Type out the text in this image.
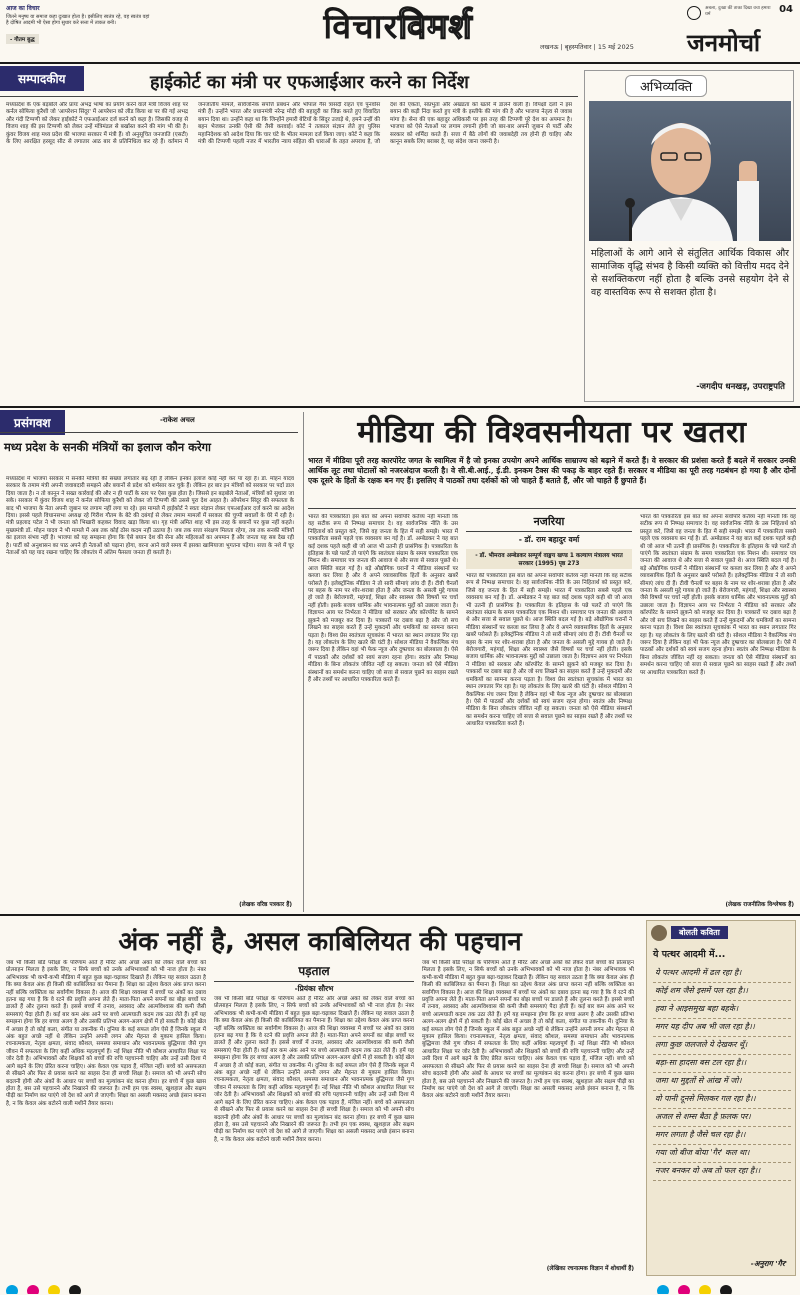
आज का विचार
जितने मनुष्य या समाज कहा दुःखात होता है। इसीलिए स्वतंत्र रहे, वह स्वतंत्र वहां है दोषित आदमी भी ऐसा होगा सुधार करे सत्ता में ताकत बनी।
- गौतम बुद्ध	विचारविमर्श	लखनऊ | बृहस्पतिवार | 15 मई 2025
अबला, दुःखा की ताका दिखा वचा हमारा धर्म	04
जनमोर्चा
सम्पादकीय	हाईकोर्ट का मंत्री पर एफआईआर करने का निर्देश
मध्यप्रदेश के एक बड़बोले और प्रायः अभद्र भाषा का प्रयोग करने वाले मंत्री विजय शाह पर कर्नल सोफिया कुरैशी जो 'आपरेशन सिंदूर' में आपरेशन को लीड किया था पर की गई अभद्र और गंदी टिप्पणी को लेकर हाईकोर्ट ने एफआईआर दर्ज करने को कहा है। जिसकी वजह से विजय शाह की इस टिप्पणी को लेकर उन्हें मंत्रिमंडल से बर्खास्त करने की मांग भी की है। कुंवर विजय शाह मध्य प्रदेश की भाजपा सरकार में मंत्री हैं। वो अनुसूचित जनजाति (एसटी) के लिए आरक्षित हरसूद सीट से लगातार आठ बार से प्रतिनिधित्व कर रहे हैं। वर्तमान में जनजातीय मामले, सार्वजनिक संपत्ति प्रबंधन और भोपाल गैस त्रासदी राहत एवं पुनर्वास मंत्री हैं। उन्होंने भारत और प्रधानमंत्री नरेन्द्र मोदी की बहादुरी का जिक्र करते हुए विवादित बयान दिया था। उन्होंने कहा था कि जिन्होंने हमारी बेटियों के सिंदूर उजाड़े थे, हमने उन्हीं की बहन भेजकर उनकी ऐसी की तैसी करवाई। कोर्ट ने तत्काल संज्ञान लेते हुए पुलिस महानिदेशक को आदेश दिया कि चार घंटे के भीतर मामला दर्ज किया जाए। कोर्ट ने कहा कि मंत्री की टिप्पणी पहली नजर में भारतीय न्याय संहिता की धाराओं के तहत अपराध है, जो देश की एकता, संप्रभुता और अखंडता को खतरे में डालने वाली है। विपक्षी दलों ने इस बयान की कड़ी निंदा करते हुए मंत्री के इस्तीफे की मांग की है और भाजपा नेतृत्व से जवाब मांगा है। सेना की एक बहादुर अधिकारी पर इस तरह की टिप्पणी पूरे देश का अपमान है। भाजपा को ऐसे नेताओं पर लगाम लगानी होगी जो बार-बार अपनी जुबान से पार्टी और सरकार को शर्मिंदा करते हैं। सत्ता में बैठे लोगों की जवाबदेही तय होनी ही चाहिए और कानून सबके लिए बराबर है, यह संदेश जाना जरूरी है।
अभिव्यक्ति
महिलाओं के आगे आने से संतुलित आर्थिक विकास और सामाजिक वृद्धि संभव है किसी व्यक्ति को वित्तीय मदद देने से सशक्तिकरण नहीं होता है बल्कि उनसे सहयोग देने से वह वास्तविक रूप से सशक्त होता है।
-जगदीप धनखड़, उपराष्ट्रपति
प्रसंगवश	-राकेश अचल
मध्य प्रदेश के सनकी मंत्रियों का इलाज कौन करेगा
मध्यप्रदेश में भाजपा सरकार में सनकी मंत्रियों की संख्या लगातार बढ़ रही है लेकिन इनका इलाज कोई नहीं कर पा रहा है। डॉ. मोहन यादव सरकार के तमाम मंत्री अपनी जवाबदारी समझने और बयानों से प्रदेश को शर्मसार कर चुके हैं। लेकिन हर बार इन मंत्रियों को सरकार पर पर्दा डाल दिया जाता है। न तो कानून ने सख्त कार्रवाई की और न ही पार्टी के स्तर पर ऐसा कुछ होता है। जिससे इन बड़बोले नेताओं, मंत्रियों को सुधारा जा सके। सरकार में कुंवर विजय शाह ने कर्नल सोफिया कुरैशी को लेकर जो टिप्पणी की उससे पूरा देश आहत है। ऑपरेशन सिंदूर की सफलता के बाद भी भाजपा के नेता अपनी जुबान पर लगाम नहीं लगा पा रहे। इस मामले में हाईकोर्ट ने स्वतः संज्ञान लेकर एफआईआर दर्ज करने का आदेश दिया। इससे पहले विधानसभा अध्यक्ष रहे गिरीश गौतम के बेटे की दबंगई से लेकर तमाम मामलों में सरकार की चुप्पी सवालों के घेरे में रही है। मंत्री प्रहलाद पटेल ने भी जनता को भिखारी कहकर विवाद खड़ा किया था। गृह मंत्री अमित शाह भी इस तरह के बयानों पर कुछ नहीं कहते। मुख्यमंत्री डॉ. मोहन यादव ने भी मामले में अब तक कोई ठोस कदम नहीं उठाया है। जब तक सत्ता संरक्षण मिलता रहेगा, तब तक सनकी मंत्रियों का इलाज संभव नहीं है। भाजपा को यह समझना होगा कि ऐसे बयान देश की सेना और महिलाओं का अपमान हैं और जनता यह सब देख रही है। पार्टी को अनुशासन का पाठ अपने ही नेताओं को पढ़ाना होगा, वरना आने वाले समय में इसका खामियाजा भुगतना पड़ेगा। सत्ता के नशे में चूर नेताओं को यह याद रखना चाहिए कि लोकतंत्र में अंतिम फैसला जनता ही करती है।
(लेखक वरिष्ठ पत्रकार हैं)
मीडिया की विश्वसनीयता पर खतरा
भारत में मीडिया पूरी तरह कारपोरेट जगत के स्वामित्व में है जो इनका उपयोग अपने आर्थिक साम्राज्य को बढ़ाने में करते हैं। वे सरकार की प्रशंसा करते हैं बदले में सरकार उनकी आर्थिक लूट तथा घोटालों को नजरअंदाज करती है। वे सी.बी.आई., ई.डी. इनकम टैक्स की पकड़ के बाहर रहते हैं। सरकार व मीडिया का पूरी तरह गठबंधन हो गया है और दोनों एक दूसरे के हितों के रक्षक बन गए हैं। इसलिए वे पाठकों तथा दर्शकों को जो चाहते हैं बताते हैं, और जो चाहते हैं छुपाते हैं।
भारत की पत्रकारिता इस बात को अपना सर्वोपरि कर्तव्य नहीं मानती कि वह सटीक रूप से निष्पक्ष समाचार दे। वह सार्वजनिक नीति के उस निहितार्थ को प्रस्तुत करे, जिसे वह जनता के हित में सही समझे। भारत में पत्रकारिता सबसे पहले एक व्यवसाय बन गई है। डॉ. अम्बेडकर ने यह बात कई दशक पहले कही थी जो आज भी उतनी ही प्रासंगिक है। पत्रकारिता के इतिहास के पन्ने पलटें तो पाएंगे कि स्वतंत्रता संग्राम के समय पत्रकारिता एक मिशन थी। समाचार पत्र जनता की आवाज थे और सत्ता से सवाल पूछते थे। आज स्थिति बदल गई है। बड़े औद्योगिक घरानों ने मीडिया संस्थानों पर कब्जा कर लिया है और वे अपने व्यावसायिक हितों के अनुसार खबरें परोसते हैं। इलेक्ट्रॉनिक मीडिया ने तो सारी सीमाएं लांघ दी हैं। टीवी चैनलों पर बहस के नाम पर शोर-शराबा होता है और जनता के असली मुद्दे गायब हो जाते हैं। बेरोजगारी, महंगाई, शिक्षा और स्वास्थ्य जैसे विषयों पर चर्चा नहीं होती। इसके बजाय धार्मिक और भावनात्मक मुद्दों को उछाला जाता है। विज्ञापन आय पर निर्भरता ने मीडिया को सरकार और कॉरपोरेट के सामने झुकने को मजबूर कर दिया है। पत्रकारों पर दबाव बढ़ा है और जो सच लिखने का साहस करते हैं उन्हें मुकदमों और धमकियों का सामना करना पड़ता है। विश्व प्रेस स्वतंत्रता सूचकांक में भारत का स्थान लगातार गिर रहा है। यह लोकतंत्र के लिए खतरे की घंटी है। सोशल मीडिया ने वैकल्पिक मंच जरूर दिया है लेकिन वहां भी फेक न्यूज और दुष्प्रचार का बोलबाला है। ऐसे में पाठकों और दर्शकों को स्वयं सजग रहना होगा। स्वतंत्र और निष्पक्ष मीडिया के बिना लोकतंत्र जीवित नहीं रह सकता। जनता को ऐसे मीडिया संस्थानों का समर्थन करना चाहिए जो सत्ता से सवाल पूछने का साहस रखते हैं और तथ्यों पर आधारित पत्रकारिता करते हैं।
नजरिया
- डॉ. राम बहादुर वर्मा
- डॉ. भीमराव अम्बेडकर सम्पूर्ण वाङ्मय खण्ड 1 कल्याण मंत्रालय भारत सरकार (1995) पृष्ठ 273
भारत की पत्रकारिता इस बात को अपना सर्वोपरि कर्तव्य नहीं मानती कि वह सटीक रूप से निष्पक्ष समाचार दे। वह सार्वजनिक नीति के उस निहितार्थ को प्रस्तुत करे, जिसे वह जनता के हित में सही समझे। भारत में पत्रकारिता सबसे पहले एक व्यवसाय बन गई है। डॉ. अम्बेडकर ने यह बात कई दशक पहले कही थी जो आज भी उतनी ही प्रासंगिक है। पत्रकारिता के इतिहास के पन्ने पलटें तो पाएंगे कि स्वतंत्रता संग्राम के समय पत्रकारिता एक मिशन थी। समाचार पत्र जनता की आवाज थे और सत्ता से सवाल पूछते थे। आज स्थिति बदल गई है। बड़े औद्योगिक घरानों ने मीडिया संस्थानों पर कब्जा कर लिया है और वे अपने व्यावसायिक हितों के अनुसार खबरें परोसते हैं। इलेक्ट्रॉनिक मीडिया ने तो सारी सीमाएं लांघ दी हैं। टीवी चैनलों पर बहस के नाम पर शोर-शराबा होता है और जनता के असली मुद्दे गायब हो जाते हैं। बेरोजगारी, महंगाई, शिक्षा और स्वास्थ्य जैसे विषयों पर चर्चा नहीं होती। इसके बजाय धार्मिक और भावनात्मक मुद्दों को उछाला जाता है। विज्ञापन आय पर निर्भरता ने मीडिया को सरकार और कॉरपोरेट के सामने झुकने को मजबूर कर दिया है। पत्रकारों पर दबाव बढ़ा है और जो सच लिखने का साहस करते हैं उन्हें मुकदमों और धमकियों का सामना करना पड़ता है। विश्व प्रेस स्वतंत्रता सूचकांक में भारत का स्थान लगातार गिर रहा है। यह लोकतंत्र के लिए खतरे की घंटी है। सोशल मीडिया ने वैकल्पिक मंच जरूर दिया है लेकिन वहां भी फेक न्यूज और दुष्प्रचार का बोलबाला है। ऐसे में पाठकों और दर्शकों को स्वयं सजग रहना होगा। स्वतंत्र और निष्पक्ष मीडिया के बिना लोकतंत्र जीवित नहीं रह सकता। जनता को ऐसे मीडिया संस्थानों का समर्थन करना चाहिए जो सत्ता से सवाल पूछने का साहस रखते हैं और तथ्यों पर आधारित पत्रकारिता करते हैं।
भारत की पत्रकारिता इस बात को अपना सर्वोपरि कर्तव्य नहीं मानती कि वह सटीक रूप से निष्पक्ष समाचार दे। वह सार्वजनिक नीति के उस निहितार्थ को प्रस्तुत करे, जिसे वह जनता के हित में सही समझे। भारत में पत्रकारिता सबसे पहले एक व्यवसाय बन गई है। डॉ. अम्बेडकर ने यह बात कई दशक पहले कही थी जो आज भी उतनी ही प्रासंगिक है। पत्रकारिता के इतिहास के पन्ने पलटें तो पाएंगे कि स्वतंत्रता संग्राम के समय पत्रकारिता एक मिशन थी। समाचार पत्र जनता की आवाज थे और सत्ता से सवाल पूछते थे। आज स्थिति बदल गई है। बड़े औद्योगिक घरानों ने मीडिया संस्थानों पर कब्जा कर लिया है और वे अपने व्यावसायिक हितों के अनुसार खबरें परोसते हैं। इलेक्ट्रॉनिक मीडिया ने तो सारी सीमाएं लांघ दी हैं। टीवी चैनलों पर बहस के नाम पर शोर-शराबा होता है और जनता के असली मुद्दे गायब हो जाते हैं। बेरोजगारी, महंगाई, शिक्षा और स्वास्थ्य जैसे विषयों पर चर्चा नहीं होती। इसके बजाय धार्मिक और भावनात्मक मुद्दों को उछाला जाता है। विज्ञापन आय पर निर्भरता ने मीडिया को सरकार और कॉरपोरेट के सामने झुकने को मजबूर कर दिया है। पत्रकारों पर दबाव बढ़ा है और जो सच लिखने का साहस करते हैं उन्हें मुकदमों और धमकियों का सामना करना पड़ता है। विश्व प्रेस स्वतंत्रता सूचकांक में भारत का स्थान लगातार गिर रहा है। यह लोकतंत्र के लिए खतरे की घंटी है। सोशल मीडिया ने वैकल्पिक मंच जरूर दिया है लेकिन वहां भी फेक न्यूज और दुष्प्रचार का बोलबाला है। ऐसे में पाठकों और दर्शकों को स्वयं सजग रहना होगा। स्वतंत्र और निष्पक्ष मीडिया के बिना लोकतंत्र जीवित नहीं रह सकता। जनता को ऐसे मीडिया संस्थानों का समर्थन करना चाहिए जो सत्ता से सवाल पूछने का साहस रखते हैं और तथ्यों पर आधारित पत्रकारिता करते हैं।
(लेखक राजनीतिक विश्लेषक हैं)
अंक नहीं है, असल काबिलियत की पहचान
जब भी किसी बोर्ड परीक्षा के परिणाम आते हैं मेरिट और अच्छे अंकों को लेकर वाले बच्चों को प्रोत्साहन मिलता है इसके लिए, न सिर्फ बच्चों को उनके अभिभावकों को भी नाज होता है। नंबर अभिभावक भी कभी-कभी मीडिया में बहुत कुछ बढ़ा-चढ़ाकर दिखाते हैं। लेकिन यह सवाल उठता है कि क्या केवल अंक ही किसी की काबिलियत का पैमाना हैं। शिक्षा का उद्देश्य केवल अंक प्राप्त करना नहीं बल्कि व्यक्तित्व का सर्वांगीण विकास है। आज की शिक्षा व्यवस्था में बच्चों पर अंकों का दबाव इतना बढ़ गया है कि वे रटने की प्रवृत्ति अपना लेते हैं। माता-पिता अपने सपनों का बोझ बच्चों पर डालते हैं और तुलना करते हैं। इससे बच्चों में तनाव, अवसाद और आत्मविश्वास की कमी जैसी समस्याएं पैदा होती हैं। कई बार कम अंक आने पर बच्चे आत्मघाती कदम तक उठा लेते हैं। हमें यह समझना होगा कि हर बच्चा अलग है और उसकी प्रतिभा अलग-अलग क्षेत्रों में हो सकती है। कोई खेल में अच्छा है तो कोई कला, संगीत या तकनीक में। दुनिया के कई सफल लोग ऐसे हैं जिनके स्कूल में अंक बहुत अच्छे नहीं थे लेकिन उन्होंने अपनी लगन और मेहनत से मुकाम हासिल किया। रचनात्मकता, नेतृत्व क्षमता, संवाद कौशल, समस्या समाधान और भावनात्मक बुद्धिमत्ता जैसे गुण जीवन में सफलता के लिए कहीं अधिक महत्वपूर्ण हैं। नई शिक्षा नीति भी कौशल आधारित शिक्षा पर जोर देती है। अभिभावकों और शिक्षकों को बच्चों की रुचि पहचाननी चाहिए और उन्हें उसी दिशा में आगे बढ़ने के लिए प्रेरित करना चाहिए। अंक केवल एक पड़ाव हैं, मंजिल नहीं। बच्चे को असफलता से सीखने और फिर से प्रयास करने का साहस देना ही सच्ची शिक्षा है। समाज को भी अपनी सोच बदलनी होगी और अंकों के आधार पर बच्चों का मूल्यांकन बंद करना होगा। हर बच्चे में कुछ खास होता है, बस उसे पहचानने और निखारने की जरूरत है। तभी हम एक स्वस्थ, खुशहाल और सक्षम पीढ़ी का निर्माण कर पाएंगे जो देश को आगे ले जाएगी। शिक्षा का असली मकसद अच्छे इंसान बनाना है, न कि केवल अंक बटोरने वाली मशीनें तैयार करना।
पड़ताल
-प्रियंका सौरभ
जब भी किसी बोर्ड परीक्षा के परिणाम आते हैं मेरिट और अच्छे अंकों को लेकर वाले बच्चों को प्रोत्साहन मिलता है इसके लिए, न सिर्फ बच्चों को उनके अभिभावकों को भी नाज होता है। नंबर अभिभावक भी कभी-कभी मीडिया में बहुत कुछ बढ़ा-चढ़ाकर दिखाते हैं। लेकिन यह सवाल उठता है कि क्या केवल अंक ही किसी की काबिलियत का पैमाना हैं। शिक्षा का उद्देश्य केवल अंक प्राप्त करना नहीं बल्कि व्यक्तित्व का सर्वांगीण विकास है। आज की शिक्षा व्यवस्था में बच्चों पर अंकों का दबाव इतना बढ़ गया है कि वे रटने की प्रवृत्ति अपना लेते हैं। माता-पिता अपने सपनों का बोझ बच्चों पर डालते हैं और तुलना करते हैं। इससे बच्चों में तनाव, अवसाद और आत्मविश्वास की कमी जैसी समस्याएं पैदा होती हैं। कई बार कम अंक आने पर बच्चे आत्मघाती कदम तक उठा लेते हैं। हमें यह समझना होगा कि हर बच्चा अलग है और उसकी प्रतिभा अलग-अलग क्षेत्रों में हो सकती है। कोई खेल में अच्छा है तो कोई कला, संगीत या तकनीक में। दुनिया के कई सफल लोग ऐसे हैं जिनके स्कूल में अंक बहुत अच्छे नहीं थे लेकिन उन्होंने अपनी लगन और मेहनत से मुकाम हासिल किया। रचनात्मकता, नेतृत्व क्षमता, संवाद कौशल, समस्या समाधान और भावनात्मक बुद्धिमत्ता जैसे गुण जीवन में सफलता के लिए कहीं अधिक महत्वपूर्ण हैं। नई शिक्षा नीति भी कौशल आधारित शिक्षा पर जोर देती है। अभिभावकों और शिक्षकों को बच्चों की रुचि पहचाननी चाहिए और उन्हें उसी दिशा में आगे बढ़ने के लिए प्रेरित करना चाहिए। अंक केवल एक पड़ाव हैं, मंजिल नहीं। बच्चे को असफलता से सीखने और फिर से प्रयास करने का साहस देना ही सच्ची शिक्षा है। समाज को भी अपनी सोच बदलनी होगी और अंकों के आधार पर बच्चों का मूल्यांकन बंद करना होगा। हर बच्चे में कुछ खास होता है, बस उसे पहचानने और निखारने की जरूरत है। तभी हम एक स्वस्थ, खुशहाल और सक्षम पीढ़ी का निर्माण कर पाएंगे जो देश को आगे ले जाएगी। शिक्षा का असली मकसद अच्छे इंसान बनाना है, न कि केवल अंक बटोरने वाली मशीनें तैयार करना।
जब भी किसी बोर्ड परीक्षा के परिणाम आते हैं मेरिट और अच्छे अंकों को लेकर वाले बच्चों को प्रोत्साहन मिलता है इसके लिए, न सिर्फ बच्चों को उनके अभिभावकों को भी नाज होता है। नंबर अभिभावक भी कभी-कभी मीडिया में बहुत कुछ बढ़ा-चढ़ाकर दिखाते हैं। लेकिन यह सवाल उठता है कि क्या केवल अंक ही किसी की काबिलियत का पैमाना हैं। शिक्षा का उद्देश्य केवल अंक प्राप्त करना नहीं बल्कि व्यक्तित्व का सर्वांगीण विकास है। आज की शिक्षा व्यवस्था में बच्चों पर अंकों का दबाव इतना बढ़ गया है कि वे रटने की प्रवृत्ति अपना लेते हैं। माता-पिता अपने सपनों का बोझ बच्चों पर डालते हैं और तुलना करते हैं। इससे बच्चों में तनाव, अवसाद और आत्मविश्वास की कमी जैसी समस्याएं पैदा होती हैं। कई बार कम अंक आने पर बच्चे आत्मघाती कदम तक उठा लेते हैं। हमें यह समझना होगा कि हर बच्चा अलग है और उसकी प्रतिभा अलग-अलग क्षेत्रों में हो सकती है। कोई खेल में अच्छा है तो कोई कला, संगीत या तकनीक में। दुनिया के कई सफल लोग ऐसे हैं जिनके स्कूल में अंक बहुत अच्छे नहीं थे लेकिन उन्होंने अपनी लगन और मेहनत से मुकाम हासिल किया। रचनात्मकता, नेतृत्व क्षमता, संवाद कौशल, समस्या समाधान और भावनात्मक बुद्धिमत्ता जैसे गुण जीवन में सफलता के लिए कहीं अधिक महत्वपूर्ण हैं। नई शिक्षा नीति भी कौशल आधारित शिक्षा पर जोर देती है। अभिभावकों और शिक्षकों को बच्चों की रुचि पहचाननी चाहिए और उन्हें उसी दिशा में आगे बढ़ने के लिए प्रेरित करना चाहिए। अंक केवल एक पड़ाव हैं, मंजिल नहीं। बच्चे को असफलता से सीखने और फिर से प्रयास करने का साहस देना ही सच्ची शिक्षा है। समाज को भी अपनी सोच बदलनी होगी और अंकों के आधार पर बच्चों का मूल्यांकन बंद करना होगा। हर बच्चे में कुछ खास होता है, बस उसे पहचानने और निखारने की जरूरत है। तभी हम एक स्वस्थ, खुशहाल और सक्षम पीढ़ी का निर्माण कर पाएंगे जो देश को आगे ले जाएगी। शिक्षा का असली मकसद अच्छे इंसान बनाना है, न कि केवल अंक बटोरने वाली मशीनें तैयार करना।
(लेखिका रचनात्मक विज्ञान में शोधार्थी हैं)
बोलती कविता
ये पत्थर आदमी में...
ये पत्थर आदमी में ढल रहा है।
कोई शम जैसे इसमें पल रहा है।।
हवा ने आइसमुख बहा बहके।
मगर यह दीप अब भी जल रहा है।।
लगा कुछ जलजले ये देखकर थूँ।
बड़ा-सा हादसा बस टल रहा है।।
जमा था मुद्दतों से आंख में जो।
वो पानी दूनसे मिलकर गल रहा है।।
अजल से शम्स बैठा है फ़लक पर।
मगर लगता है जैसे चल रहा है।।
गया जो बीज बोया 'गैर' कल था।
नजर बनकर वो अब तो फल रहा है।।
-अनुराग 'गैर'
